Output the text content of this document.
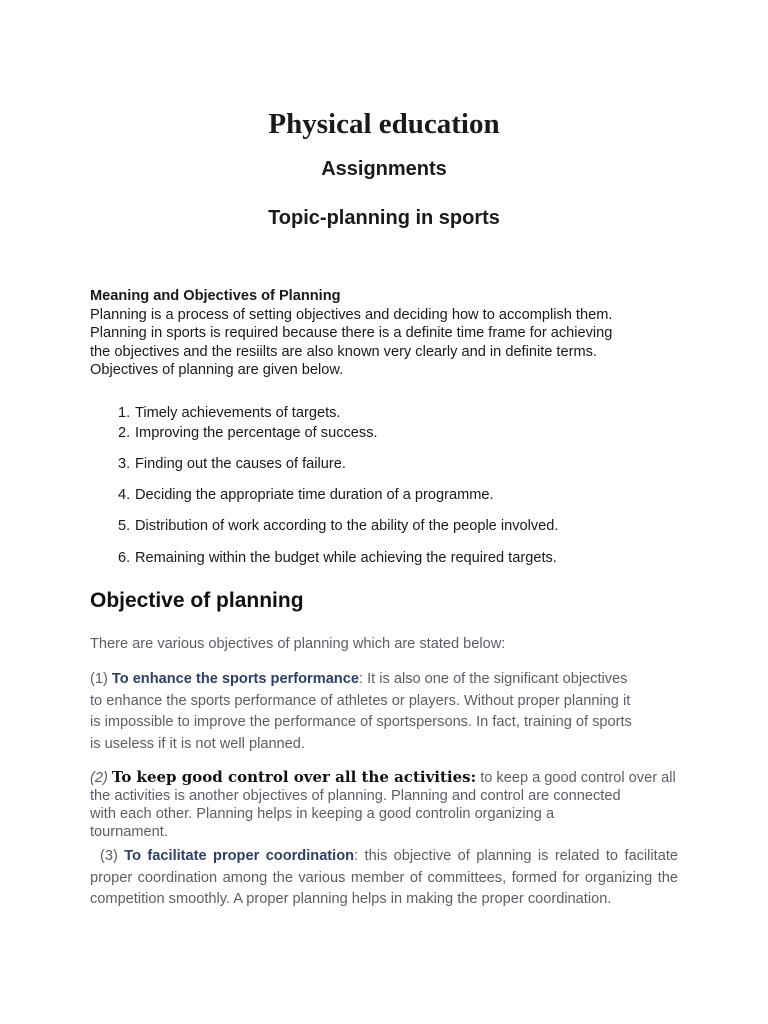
Physical education
Assignments
Topic-planning in sports

Meaning and Objectives of Planning

Planning is a process of setting objectives and deciding how to accomplish them.

Planning in sports is required because there is a definite time frame for achieving

the objectives and the resiilts are also known very clearly and in definite terms.

Objectives of planning are given below.

1. Timely achievements of targets.
2. Improving the percentage of success.
3. Finding out the causes of failure.
4. Deciding the appropriate time duration of a programme.
5. Distribution of work according to the ability of the people involved.
6. Remaining within the budget while achieving the required targets.
Objective of planning

There are various objectives of planning which are stated below:

(1) To enhance the sports performance: It is also one of the significant objectives
to enhance the sports performance of athletes or players. Without proper planning it
is impossible to improve the performance of sportspersons. In fact, training of sports
is useless if it is not well planned.
(2) To keep good control over all the activities: to keep a good control over all
the activities is another objectives of planning. Planning and control are connected
with each other. Planning helps in keeping a good controlin organizing a
tournament.
(3) To facilitate proper coordination: this objective of planning is related to facilitate proper coordination among the various member of committees, formed for organizing the competition smoothly. A proper planning helps in making the proper coordination.
